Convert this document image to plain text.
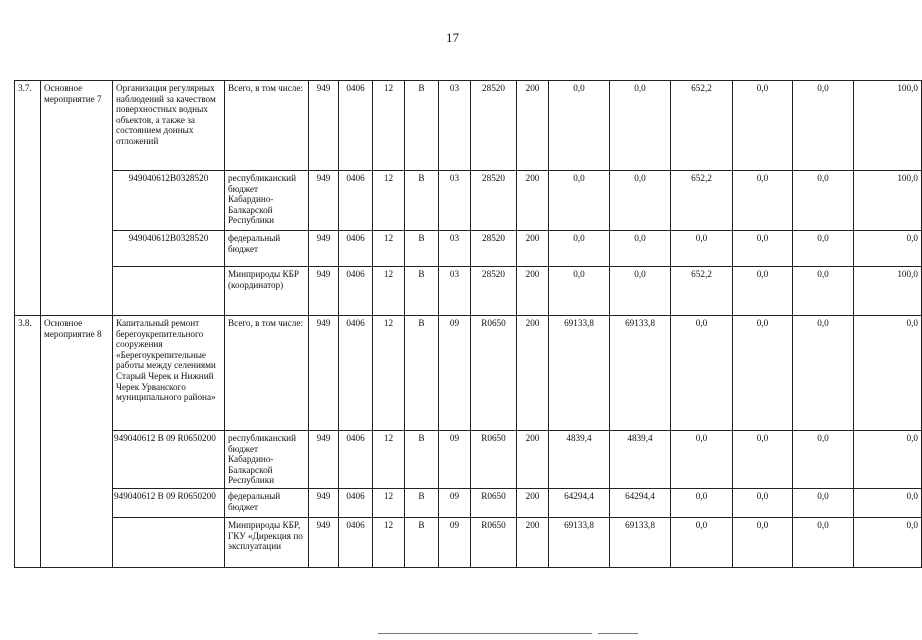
17
3.7.	Основное мероприятие 7	Организация регулярных наблюдений за качеством поверхностных водных объектов, а также за состоянием донных отложений	Всего, в том числе:	949	0406	12	В	03	28520	200	0,0	0,0	652,2	0,0	0,0	100,0
		949040612В0328520	республиканский бюджет Кабардино-Балкарской Республики	949	0406	12	В	03	28520	200	0,0	0,0	652,2	0,0	0,0	100,0
		949040612В0328520	федеральный бюджет	949	0406	12	В	03	28520	200	0,0	0,0	0,0	0,0	0,0	0,0
			Минприроды КБР (координатор)	949	0406	12	В	03	28520	200	0,0	0,0	652,2	0,0	0,0	100,0
3.8.	Основное мероприятие 8	Капитальный ремонт берегоукрепительного сооружения «Берегоукрепительные работы между селениями Старый Черек и Нижний Черек Урванского муниципального района»	Всего, в том числе:	949	0406	12	В	09	R0650	200	69133,8	69133,8	0,0	0,0	0,0	0,0
		949040612 В 09 R0650200	республиканский бюджет Кабардино-Балкарской Республики	949	0406	12	В	09	R0650	200	4839,4	4839,4	0,0	0,0	0,0	0,0
		949040612 В 09 R0650200	федеральный бюджет	949	0406	12	В	09	R0650	200	64294,4	64294,4	0,0	0,0	0,0	0,0
			Минприроды КБР, ГКУ «Дирекция по эксплуатации	949	0406	12	В	09	R0650	200	69133,8	69133,8	0,0	0,0	0,0	0,0
